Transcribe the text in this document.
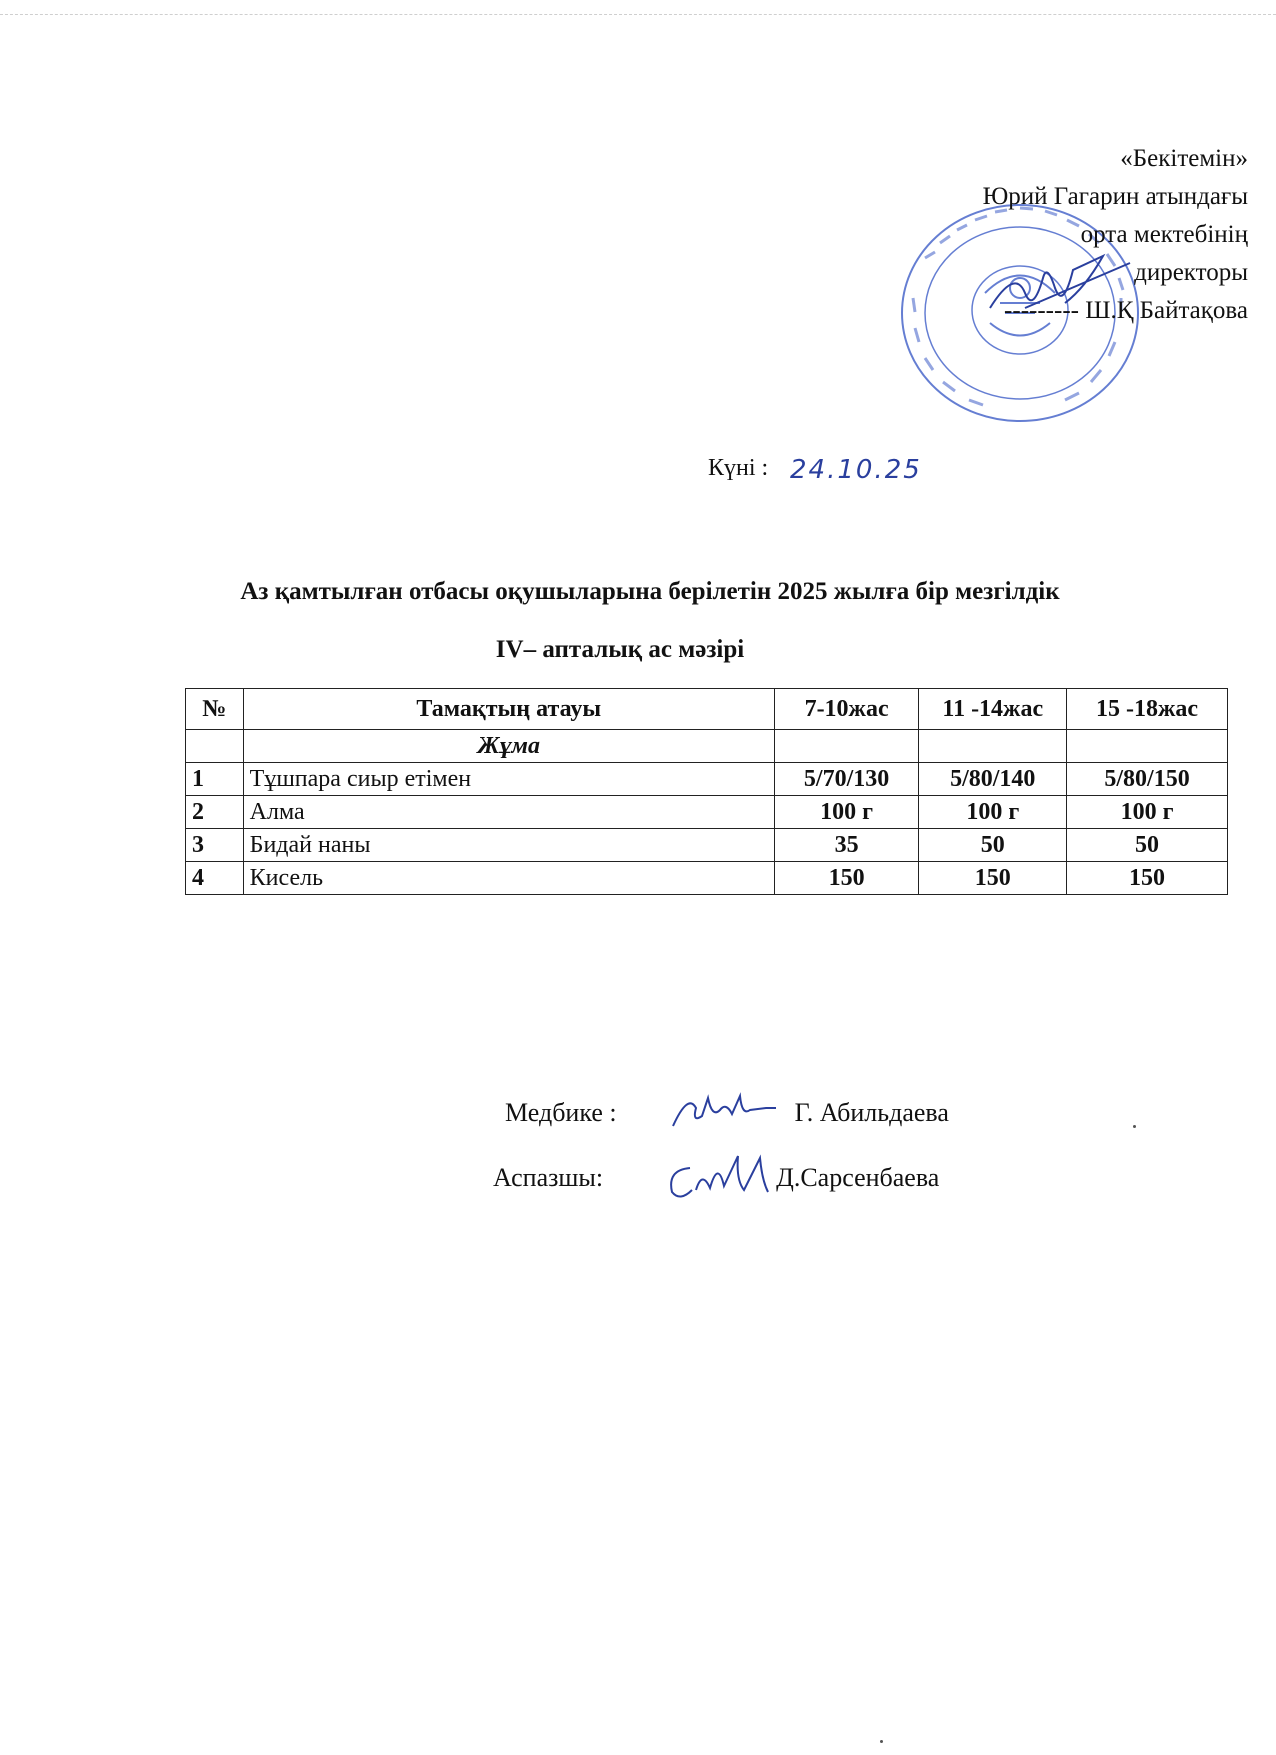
«Бекітемін»
Юрий Гагарин атындағы
орта мектебінің
директоры
--------- Ш.Қ Байтақова
Күні : 24.10.25
Аз қамтылған отбасы оқушыларына берілетін 2025 жылға бір мезгілдік
IV– апталық ас мәзірі
№	Тамақтың атауы	7-10жас	11 -14жас	15 -18жас
	Жұма			
1	Тұшпара сиыр етімен	5/70/130	5/80/140	5/80/150
2	Алма	100 г	100 г	100 г
3	Бидай наны	35	50	50
4	Кисель	150	150	150
Медбике :	Г. Абильдаева
Аспазшы:	Д.Сарсенбаева
